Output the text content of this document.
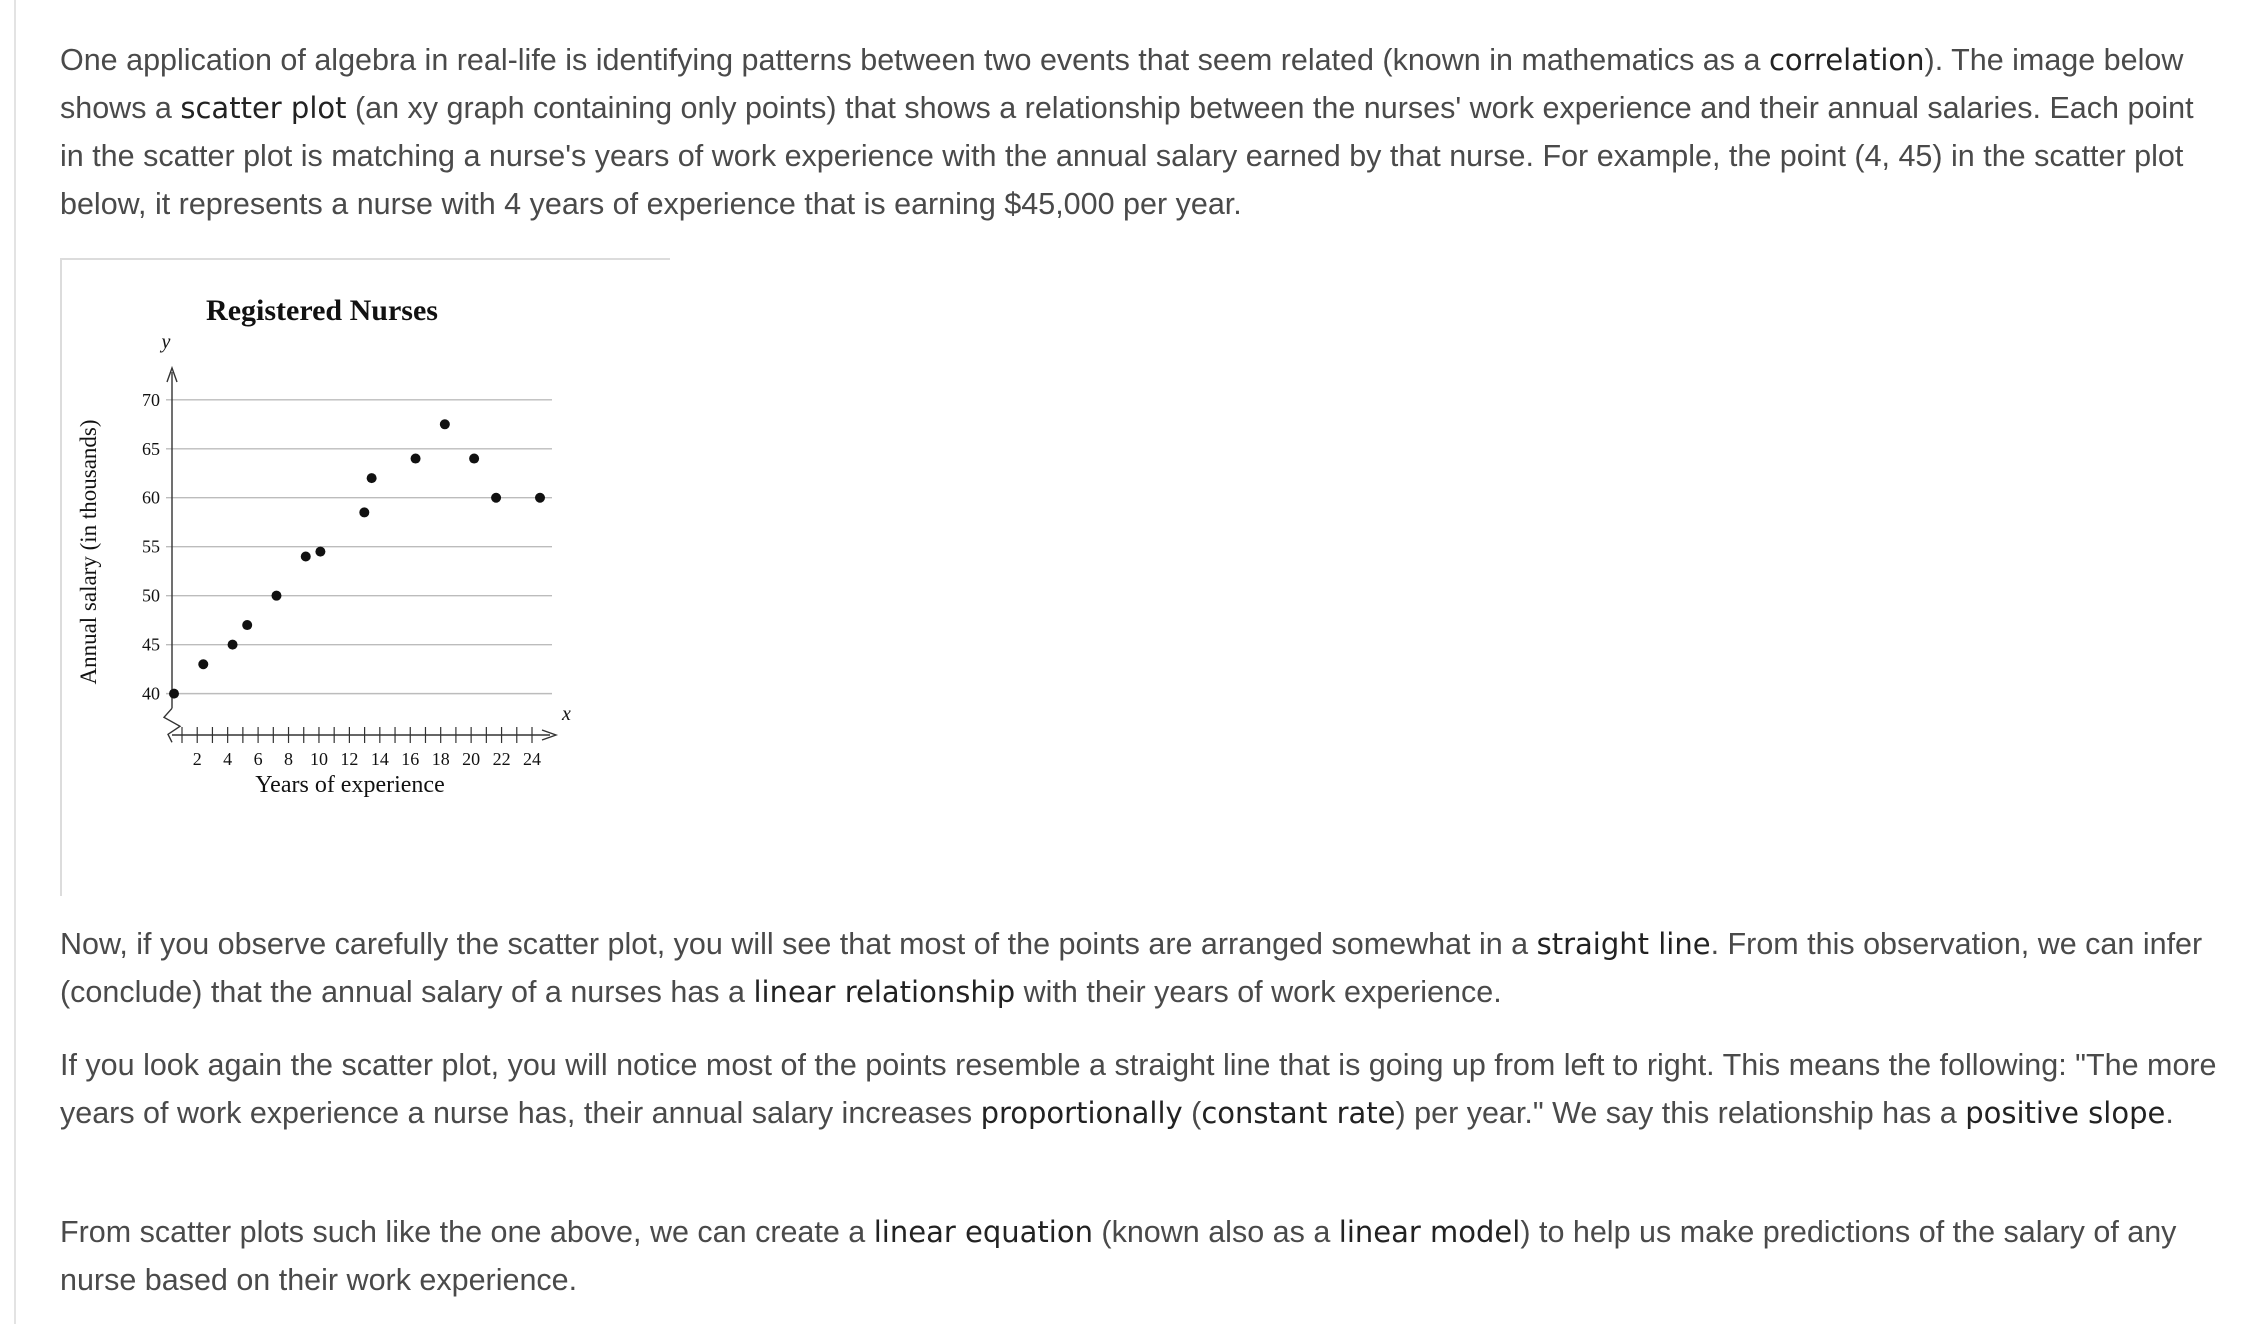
One application of algebra in real-life is identifying patterns between two events that seem related (known in mathematics as a correlation). The image below shows a scatter plot (an xy graph containing only points) that shows a relationship between the nurses' work experience and their annual salaries. Each point in the scatter plot is matching a nurse's years of work experience with the annual salary earned by that nurse. For example, the point (4, 45) in the scatter plot below, it represents a nurse with 4 years of experience that is earning $45,000 per year.

Registered Nurses
Annual salary (in thousands)
Years of experience
y
x
40
45
50
55
60
65
70
2 4 6 8 10 12 14 16 18 20 22 24

Now, if you observe carefully the scatter plot, you will see that most of the points are arranged somewhat in a straight line. From this observation, we can infer (conclude) that the annual salary of a nurses has a linear relationship with their years of work experience.

If you look again the scatter plot, you will notice most of the points resemble a straight line that is going up from left to right. This means the following: "The more years of work experience a nurse has, their annual salary increases proportionally (constant rate) per year." We say this relationship has a positive slope.

From scatter plots such like the one above, we can create a linear equation (known also as a linear model) to help us make predictions of the salary of any nurse based on their work experience.
